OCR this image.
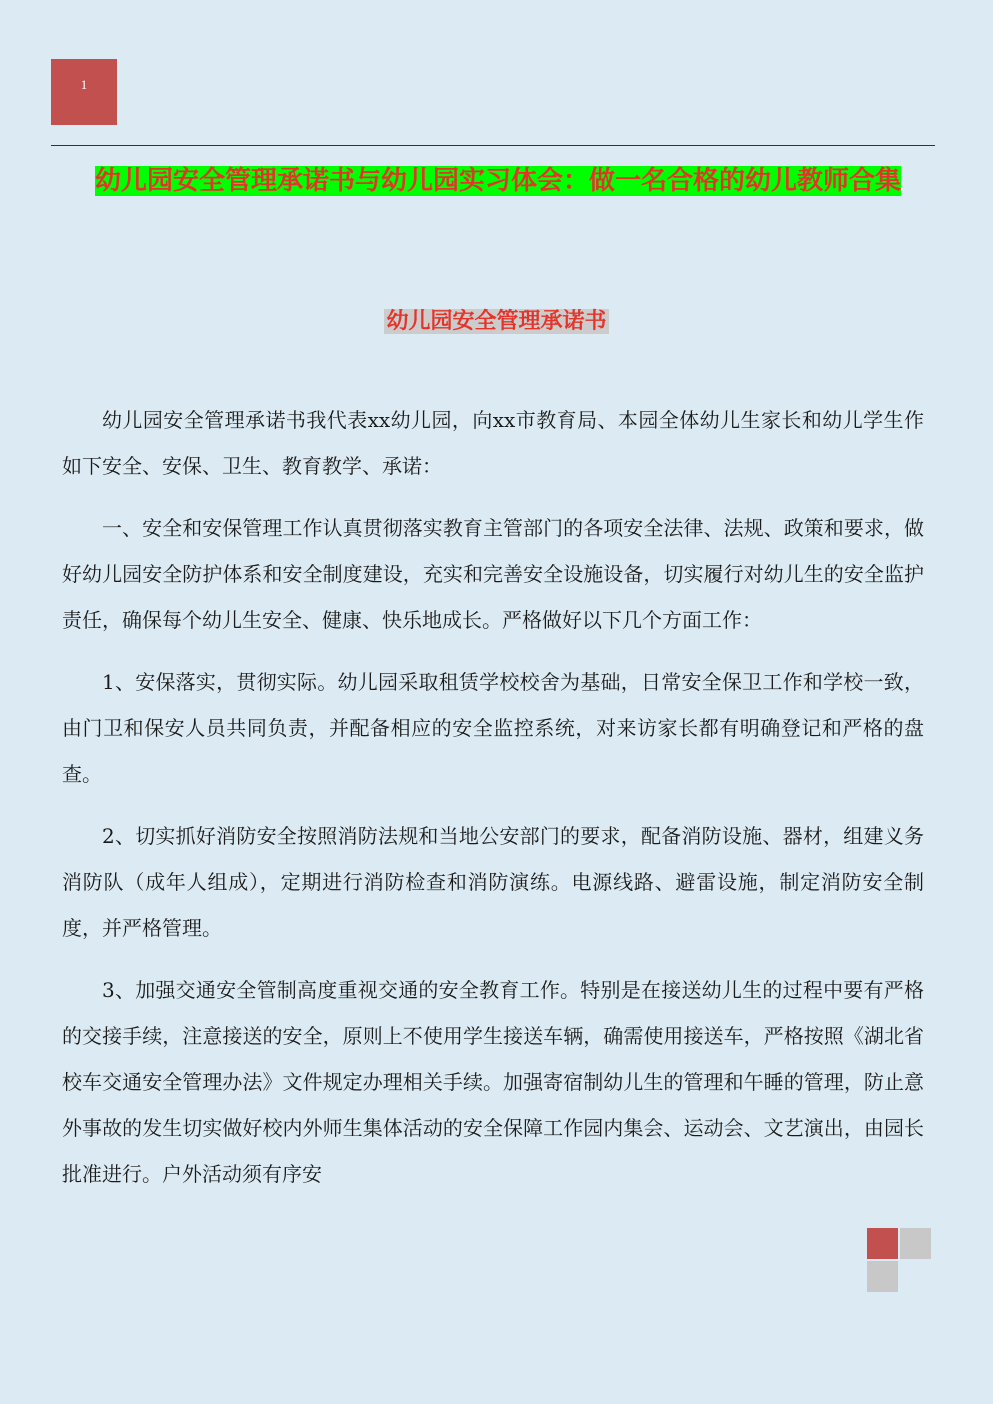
1
幼儿园安全管理承诺书与幼儿园实习体会：做一名合格的幼儿教师合集
幼儿园安全管理承诺书

幼儿园安全管理承诺书我代表xx幼儿园，向xx市教育局、本园全体幼儿生家长和幼儿学生作如下安全、安保、卫生、教育教学、承诺：

一、安全和安保管理工作认真贯彻落实教育主管部门的各项安全法律、法规、政策和要求，做好幼儿园安全防护体系和安全制度建设，充实和完善安全设施设备，切实履行对幼儿生的安全监护责任，确保每个幼儿生安全、健康、快乐地成长。严格做好以下几个方面工作：

1、安保落实，贯彻实际。幼儿园采取租赁学校校舍为基础，日常安全保卫工作和学校一致，由门卫和保安人员共同负责，并配备相应的安全监控系统，对来访家长都有明确登记和严格的盘查。

2、切实抓好消防安全按照消防法规和当地公安部门的要求，配备消防设施、器材，组建义务消防队（成年人组成），定期进行消防检查和消防演练。电源线路、避雷设施，制定消防安全制度，并严格管理。

3、加强交通安全管制高度重视交通的安全教育工作。特别是在接送幼儿生的过程中要有严格的交接手续，注意接送的安全，原则上不使用学生接送车辆，确需使用接送车，严格按照《湖北省校车交通安全管理办法》文件规定办理相关手续。加强寄宿制幼儿生的管理和午睡的管理，防止意外事故的发生切实做好校内外师生集体活动的安全保障工作园内集会、运动会、文艺演出，由园长批准进行。户外活动须有序安
